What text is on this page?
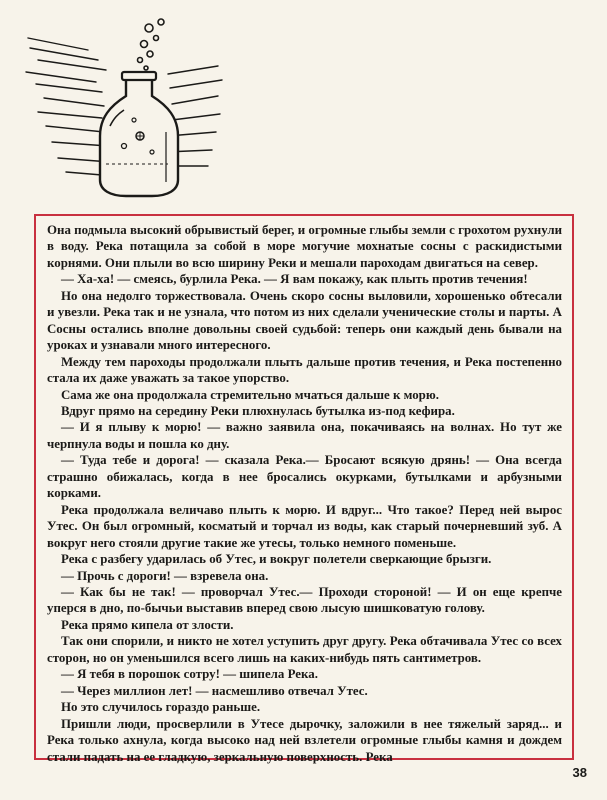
Она подмыла высокий обрывистый берег, и огромные глыбы земли с грохотом рухнули в воду. Река потащила за собой в море могучие мохнатые сосны с раскидистыми корнями. Они плыли во всю ширину Реки и мешали пароходам двигаться на север.

— Ха-ха! — смеясь, бурлила Река. — Я вам покажу, как плыть против течения!

Но она недолго торжествовала. Очень скоро сосны выловили, хорошенько обтесали и увезли. Река так и не узнала, что потом из них сделали ученические столы и парты. А Сосны остались вполне довольны своей судьбой: теперь они каждый день бывали на уроках и узнавали много интересного.

Между тем пароходы продолжали плыть дальше против течения, и Река постепенно стала их даже уважать за такое упорство.

Сама же она продолжала стремительно мчаться дальше к морю.

Вдруг прямо на середину Реки плюхнулась бутылка из-под кефира.

— И я плыву к морю! — важно заявила она, покачиваясь на волнах. Но тут же черпнула воды и пошла ко дну.

— Туда тебе и дорога! — сказала Река.— Бросают всякую дрянь! — Она всегда страшно обижалась, когда в нее бросались окурками, бутылками и арбузными корками.

Река продолжала величаво плыть к морю. И вдруг... Что такое? Перед ней вырос Утес. Он был огромный, косматый и торчал из воды, как старый почерневший зуб. А вокруг него стояли другие такие же утесы, только немного поменьше.

Река с разбегу ударилась об Утес, и вокруг полетели сверкающие брызги.

— Прочь с дороги! — взревела она.

— Как бы не так! — проворчал Утес.— Проходи стороной! — И он еще крепче уперся в дно, по-бычьи выставив вперед свою лысую шишковатую голову.

Река прямо кипела от злости.

Так они спорили, и никто не хотел уступить друг другу. Река обтачивала Утес со всех сторон, но он уменьшился всего лишь на каких-нибудь пять сантиметров.

— Я тебя в порошок сотру! — шипела Река.

— Через миллион лет! — насмешливо отвечал Утес.

Но это случилось гораздо раньше.

Пришли люди, просверлили в Утесе дырочку, заложили в нее тяжелый заряд... и Река только ахнула, когда высоко над ней взлетели огромные глыбы камня и дождем стали падать на ее гладкую, зеркальную поверхность. Река

38
